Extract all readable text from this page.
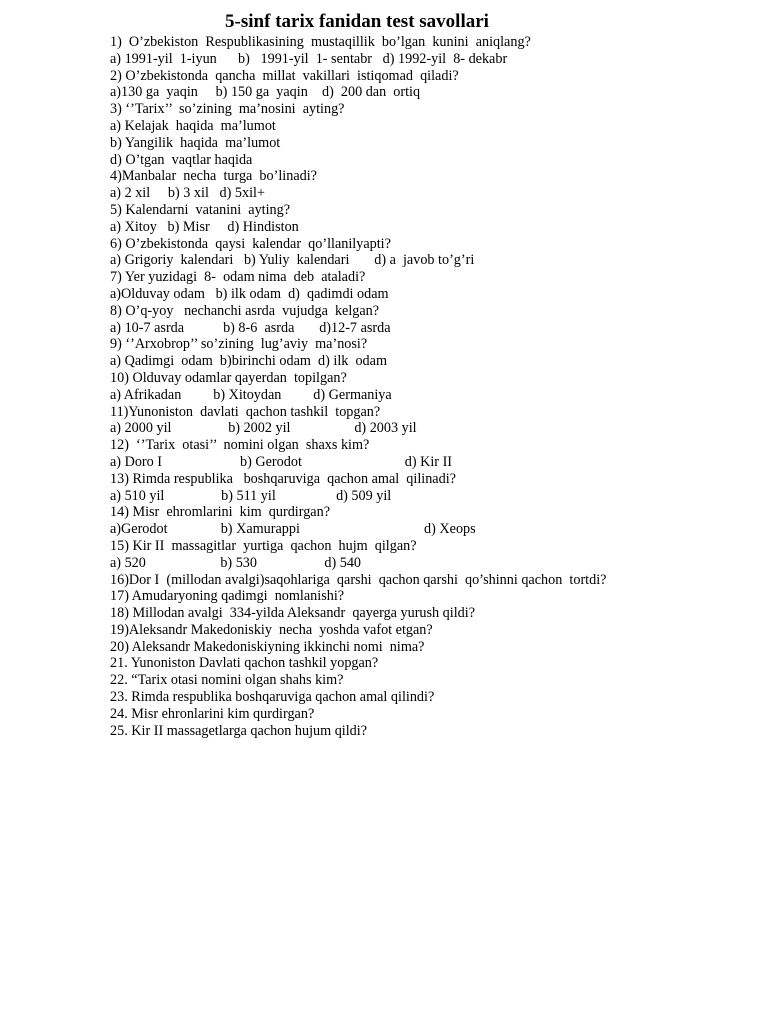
5-sinf tarix fanidan test savollari
1)  O’zbekiston  Respublikasining  mustaqillik  bo’lgan  kunini  aniqlang?
a) 1991-yil  1-iyun      b)   1991-yil  1- sentabr   d) 1992-yil  8- dekabr
2) O’zbekistonda  qancha  millat  vakillari  istiqomad  qiladi?
a)130 ga  yaqin     b) 150 ga  yaqin    d)  200 dan  ortiq
3) ‘’Tarix’’  so’zining  ma’nosini  ayting?
a) Kelajak  haqida  ma’lumot
b) Yangilik  haqida  ma’lumot
d) O’tgan  vaqtlar haqida
4)Manbalar  necha  turga  bo’linadi?
a) 2 xil     b) 3 xil   d) 5xil+
5) Kalendarni  vatanini  ayting?
a) Xitoy   b) Misr     d) Hindiston
6) O’zbekistonda  qaysi  kalendar  qo’llanilyapti?
a) Grigoriy  kalendari   b) Yuliy  kalendari       d) a  javob to’g’ri
7) Yer yuzidagi  8-  odam nima  deb  ataladi?
a)Olduvay odam   b) ilk odam  d)  qadimdi odam
8) O’q-yoy   nechanchi asrda  vujudga  kelgan?
a) 10-7 asrda           b) 8-6  asrda       d)12-7 asrda
9) ‘’Arxobrop’’ so’zining  lug’aviy  ma’nosi?
a) Qadimgi  odam  b)birinchi odam  d) ilk  odam
10) Olduvay odamlar qayerdan  topilgan?
a) Afrikadan         b) Xitoydan         d) Germaniya
11)Yunoniston  davlati  qachon tashkil  topgan?
a) 2000 yil                b) 2002 yil                  d) 2003 yil
12)  ‘’Tarix  otasi’’  nomini olgan  shaxs kim?
a) Doro I                      b) Gerodot                             d) Kir II
13) Rimda respublika   boshqaruviga  qachon amal  qilinadi?
a) 510 yil                b) 511 yil                 d) 509 yil
14) Misr  ehromlarini  kim  qurdirgan?
a)Gerodot               b) Xamurappi                                   d) Xeops
15) Kir II  massagitlar  yurtiga  qachon  hujm  qilgan?
a) 520                     b) 530                   d) 540
16)Dor I  (millodan avalgi)saqohlariga  qarshi  qachon qarshi  qo’shinni qachon  tortdi?
17) Amudaryoning qadimgi  nomlanishi?
18) Millodan avalgi  334-yilda Aleksandr  qayerga yurush qildi?
19)Aleksandr Makedoniskiy  necha  yoshda vafot etgan?
20) Aleksandr Makedoniskiyning ikkinchi nomi  nima?
21. Yunoniston Davlati qachon tashkil yopgan?
22. “Tarix otasi nomini olgan shahs kim?
23. Rimda respublika boshqaruviga qachon amal qilindi?
24. Misr ehronlarini kim qurdirgan?
25. Kir II massagetlarga qachon hujum qildi?
